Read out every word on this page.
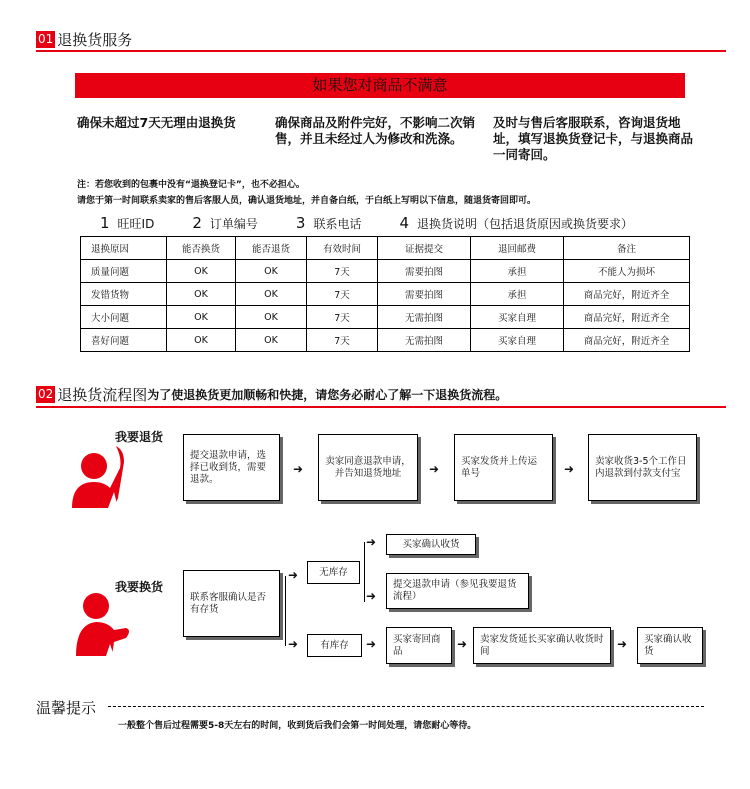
01 退换货服务
如果您对商品不满意
确保未超过7天无理由退换货	确保商品及附件完好，不影响二次销售，并且未经过人为修改和洗涤。
及时与售后客服联系，咨询退货地址，填写退换货登记卡，与退换商品一同寄回。
注：若您收到的包裹中没有“退换登记卡”，也不必担心。
请您于第一时间联系卖家的售后客服人员，确认退货地址，并自备白纸，于白纸上写明以下信息，随退货寄回即可。
1 旺旺ID	2 订单编号	3 联系电话	4 退换货说明（包括退货原因或换货要求）
退换原因	能否换货	能否退货	有效时间	证据提交	退回邮费	备注
质量问题	OK	OK	7天	需要拍图	承担	不能人为损坏
发错货物	OK	OK	7天	需要拍图	承担	商品完好，附近齐全
大小问题	OK	OK	7天	无需拍图	买家自理	商品完好，附近齐全
喜好问题	OK	OK	7天	无需拍图	买家自理	商品完好，附近齐全
02 退换货流程图 为了使退换货更加顺畅和快捷，请您务必耐心了解一下退换货流程。
我要退货
提交退款申请，选择已收到货，需要退款。
➜
卖家同意退款申请，并告知退货地址	➜
买家发货并上传运单号	➜
卖家收货3-5个工作日内退款到付款支付宝
我要换货
联系客服确认是否有存货
➜
➜
无库存
➜
➜
买家确认收货
提交退款申请（参见我要退货流程）
有库存	➜	买家寄回商品	➜	卖家发货延长买家确认收货时间	➜	买家确认收货
温馨提示
一般整个售后过程需要5-8天左右的时间，收到货后我们会第一时间处理，请您耐心等待。
